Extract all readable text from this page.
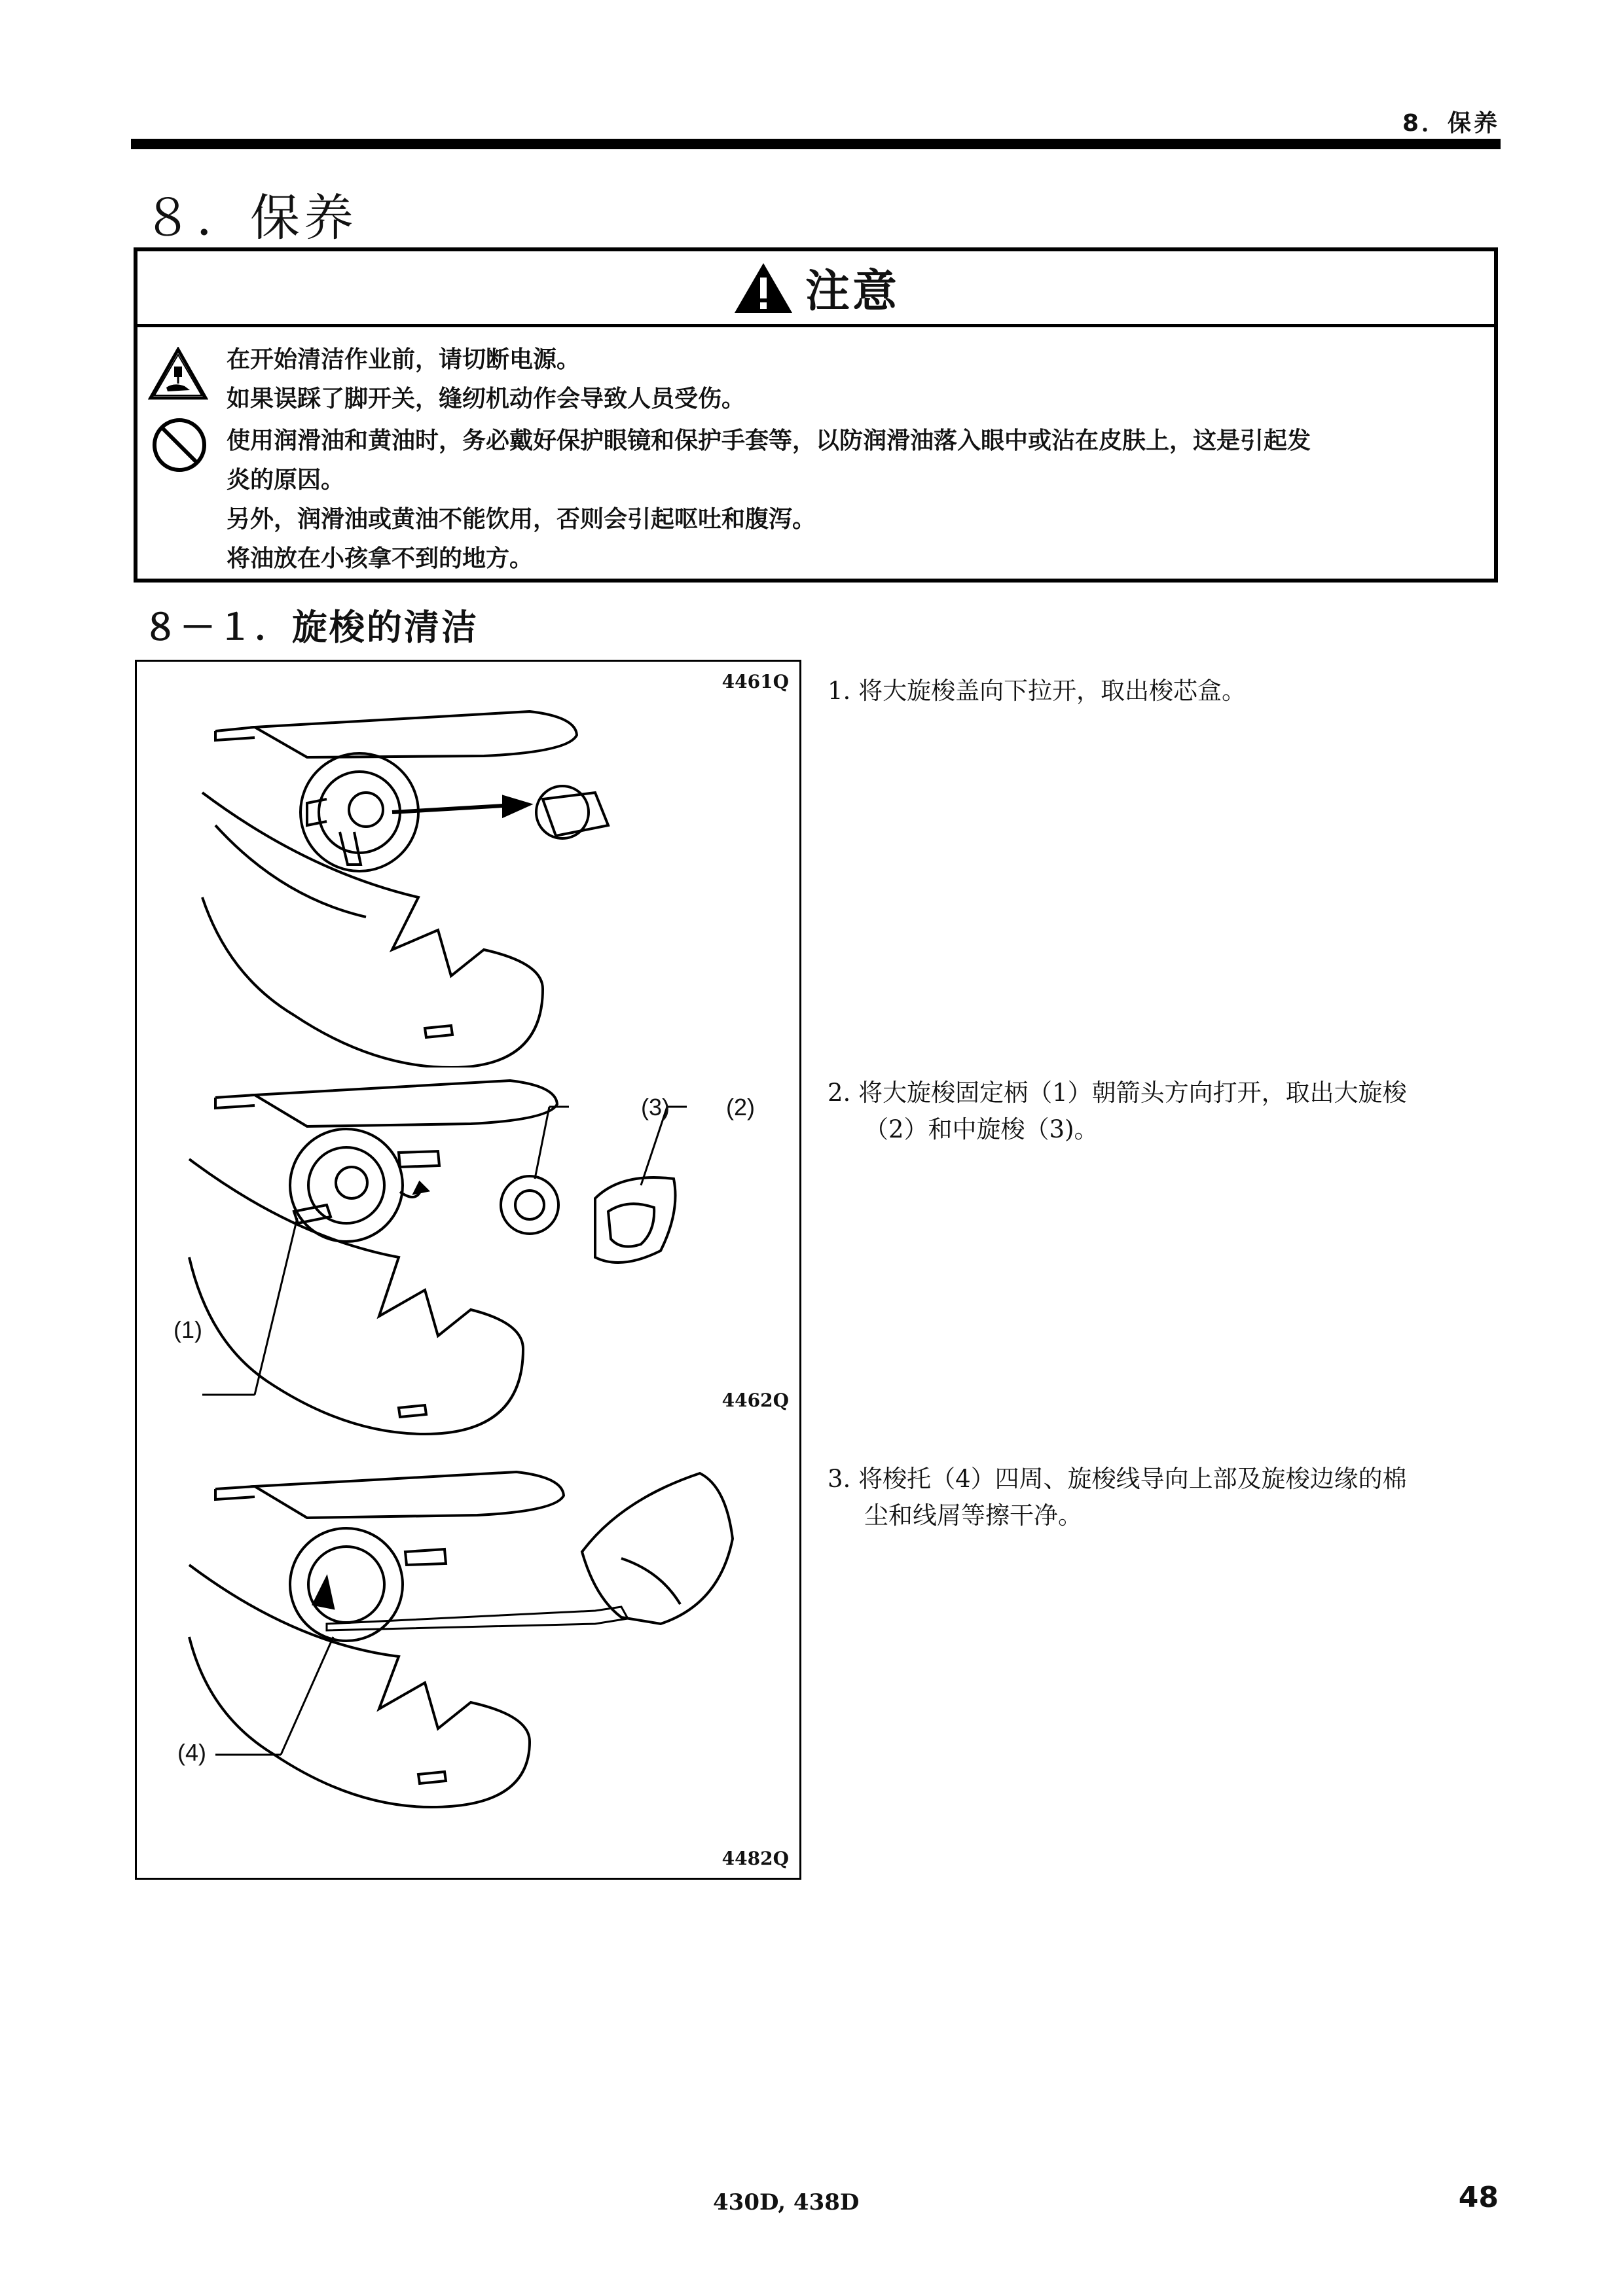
8．保养
８．保养
注意
在开始清洁作业前，请切断电源。
如果误踩了脚开关，缝纫机动作会导致人员受伤。
使用润滑油和黄油时，务必戴好保护眼镜和保护手套等，以防润滑油落入眼中或沾在皮肤上，这是引起发
炎的原因。
另外，润滑油或黄油不能饮用，否则会引起呕吐和腹泻。
将油放在小孩拿不到的地方。
８－１．旋梭的清洁
4461Q
(3) (2)
(1)
4462Q
(4)
4482Q
1. 将大旋梭盖向下拉开，取出梭芯盒。
2. 将大旋梭固定柄（1）朝箭头方向打开，取出大旋梭
（2）和中旋梭（3)。
3. 将梭托（4）四周、旋梭线导向上部及旋梭边缘的棉
尘和线屑等擦干净。
430D, 438D	48
